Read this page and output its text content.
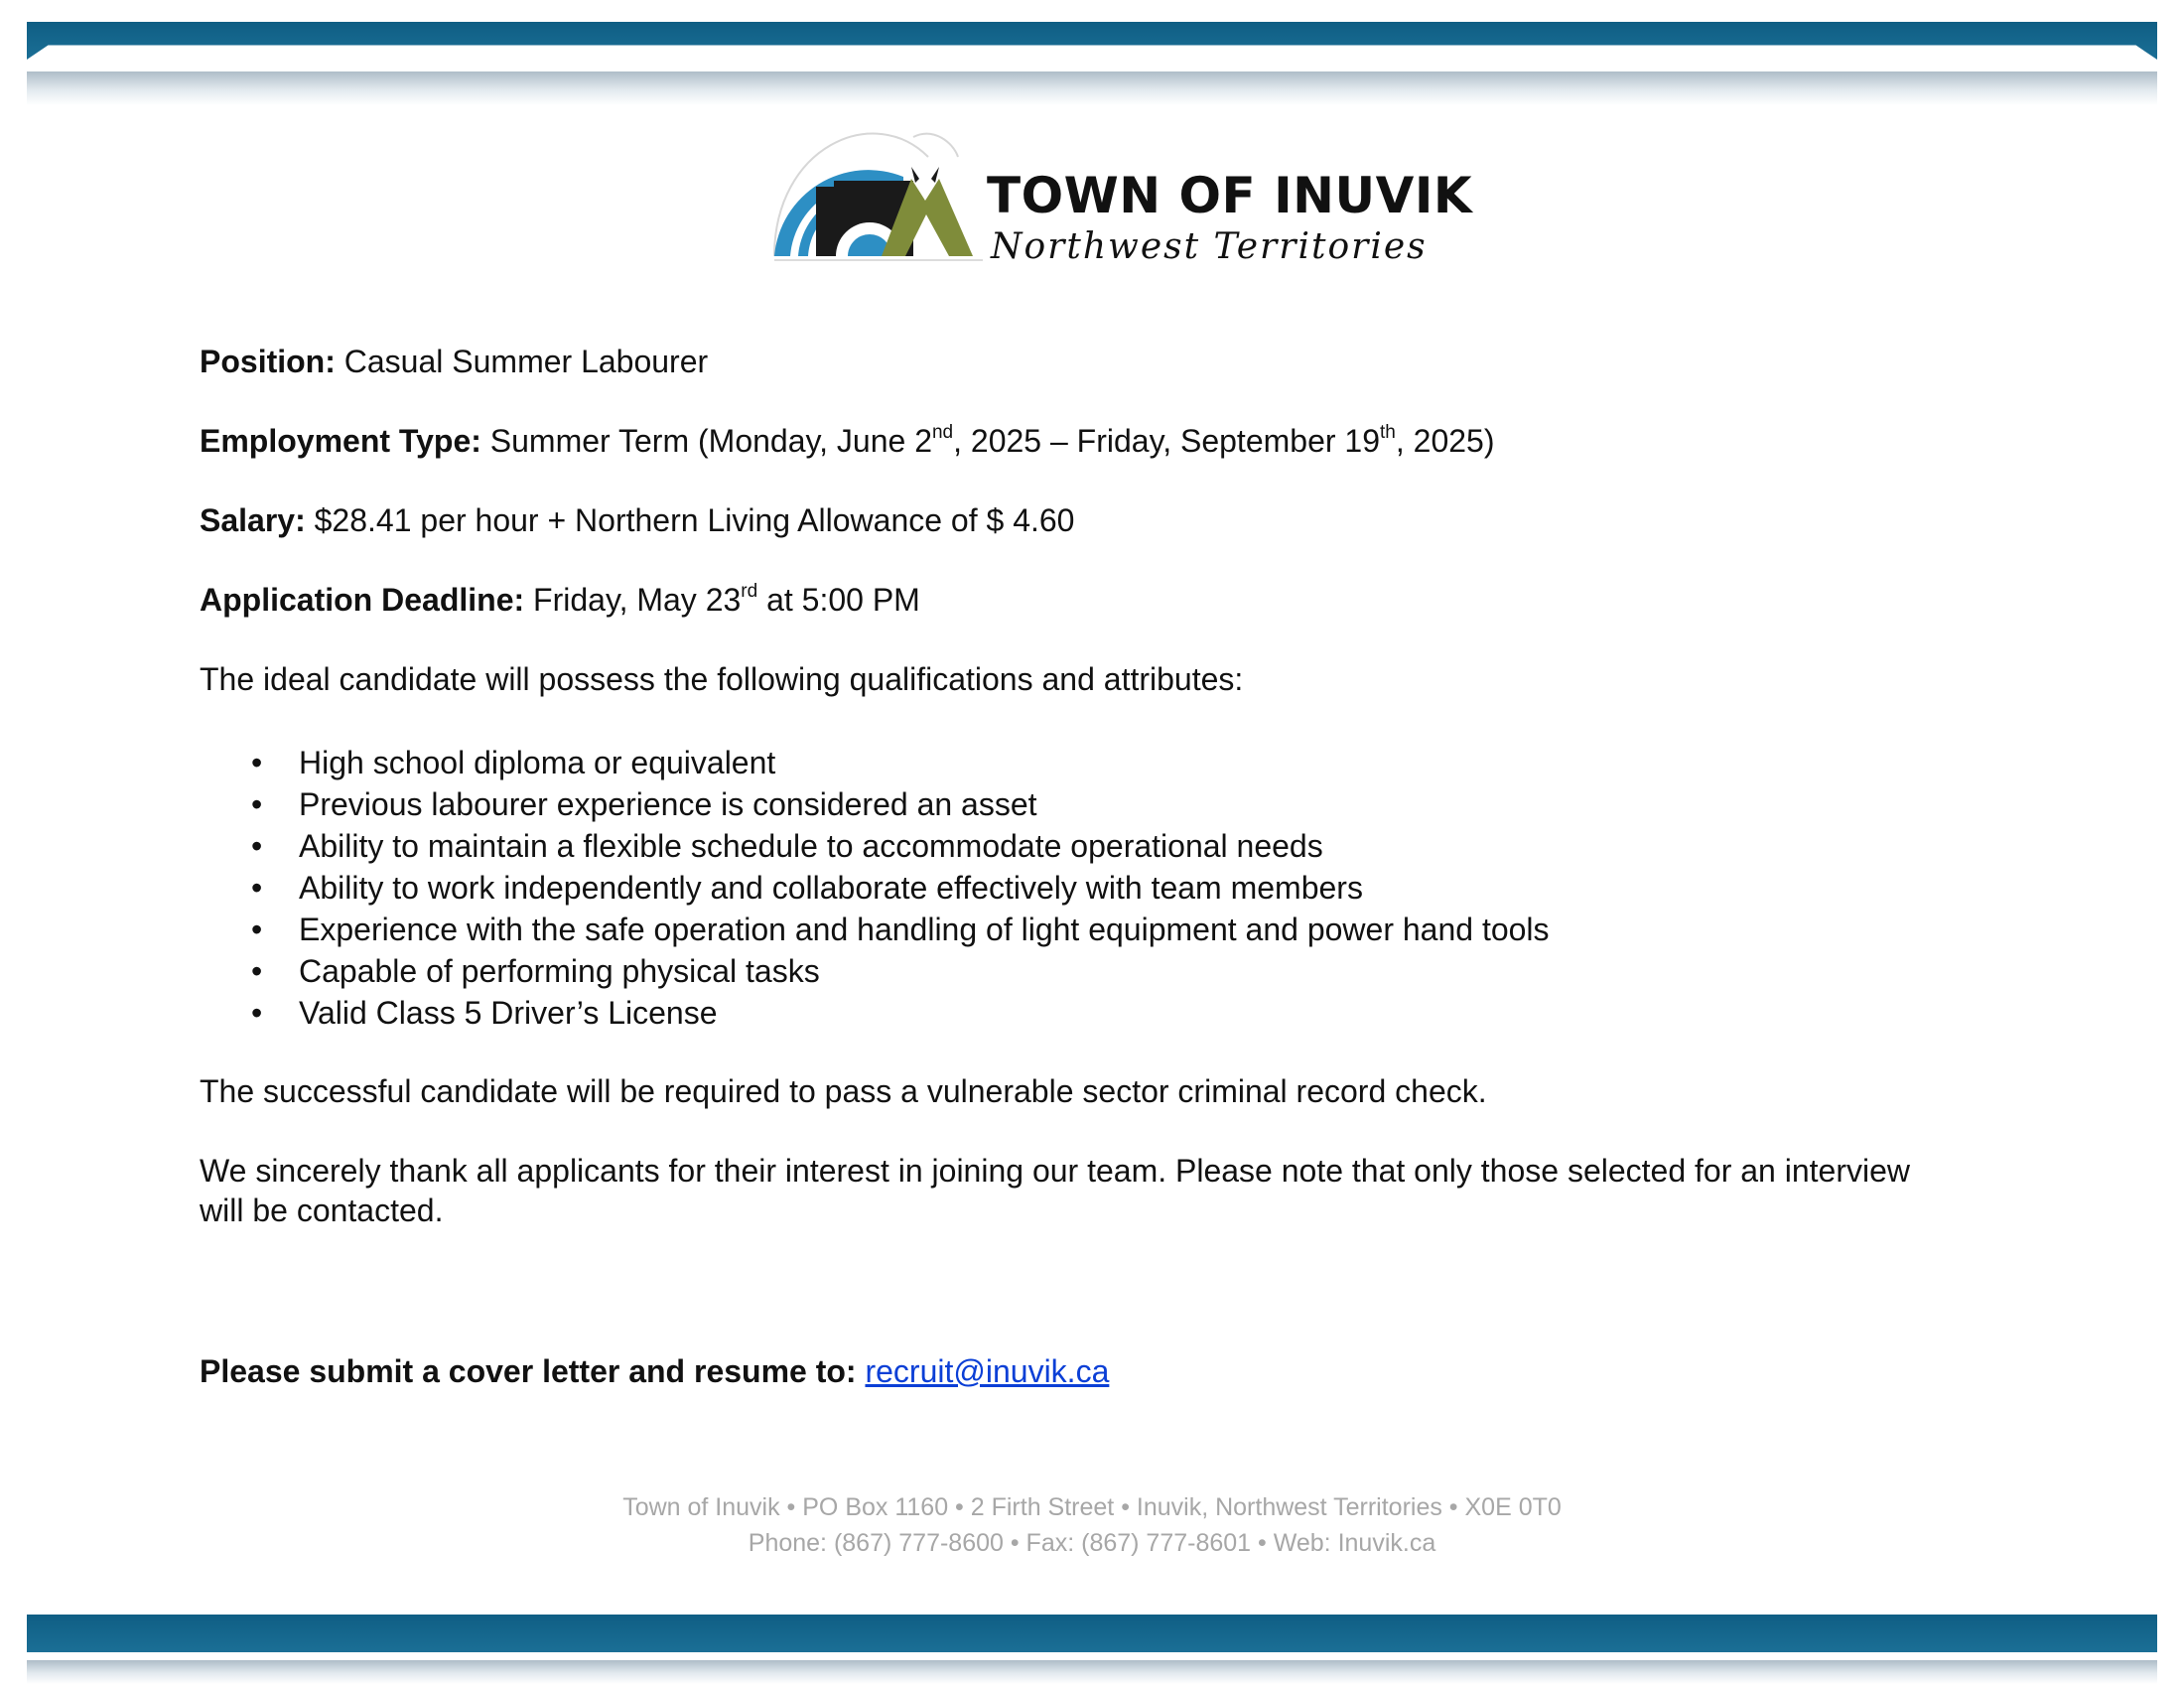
TOWN OF INUVIK

Northwest Territories

Position: Casual Summer Labourer

Employment Type: Summer Term (Monday, June 2nd, 2025 – Friday, September 19th, 2025)

Salary: $28.41 per hour + Northern Living Allowance of $ 4.60

Application Deadline: Friday, May 23rd at 5:00 PM

The ideal candidate will possess the following qualifications and attributes:

• High school diploma or equivalent
• Previous labourer experience is considered an asset
• Ability to maintain a flexible schedule to accommodate operational needs
• Ability to work independently and collaborate effectively with team members
• Experience with the safe operation and handling of light equipment and power hand tools
• Capable of performing physical tasks
• Valid Class 5 Driver’s License

The successful candidate will be required to pass a vulnerable sector criminal record check.

We sincerely thank all applicants for their interest in joining our team. Please note that only those selected for an interview will be contacted.

Please submit a cover letter and resume to: recruit@inuvik.ca

Town of Inuvik • PO Box 1160 • 2 Firth Street • Inuvik, Northwest Territories • X0E 0T0

Phone: (867) 777-8600 • Fax: (867) 777-8601 • Web: Inuvik.ca
